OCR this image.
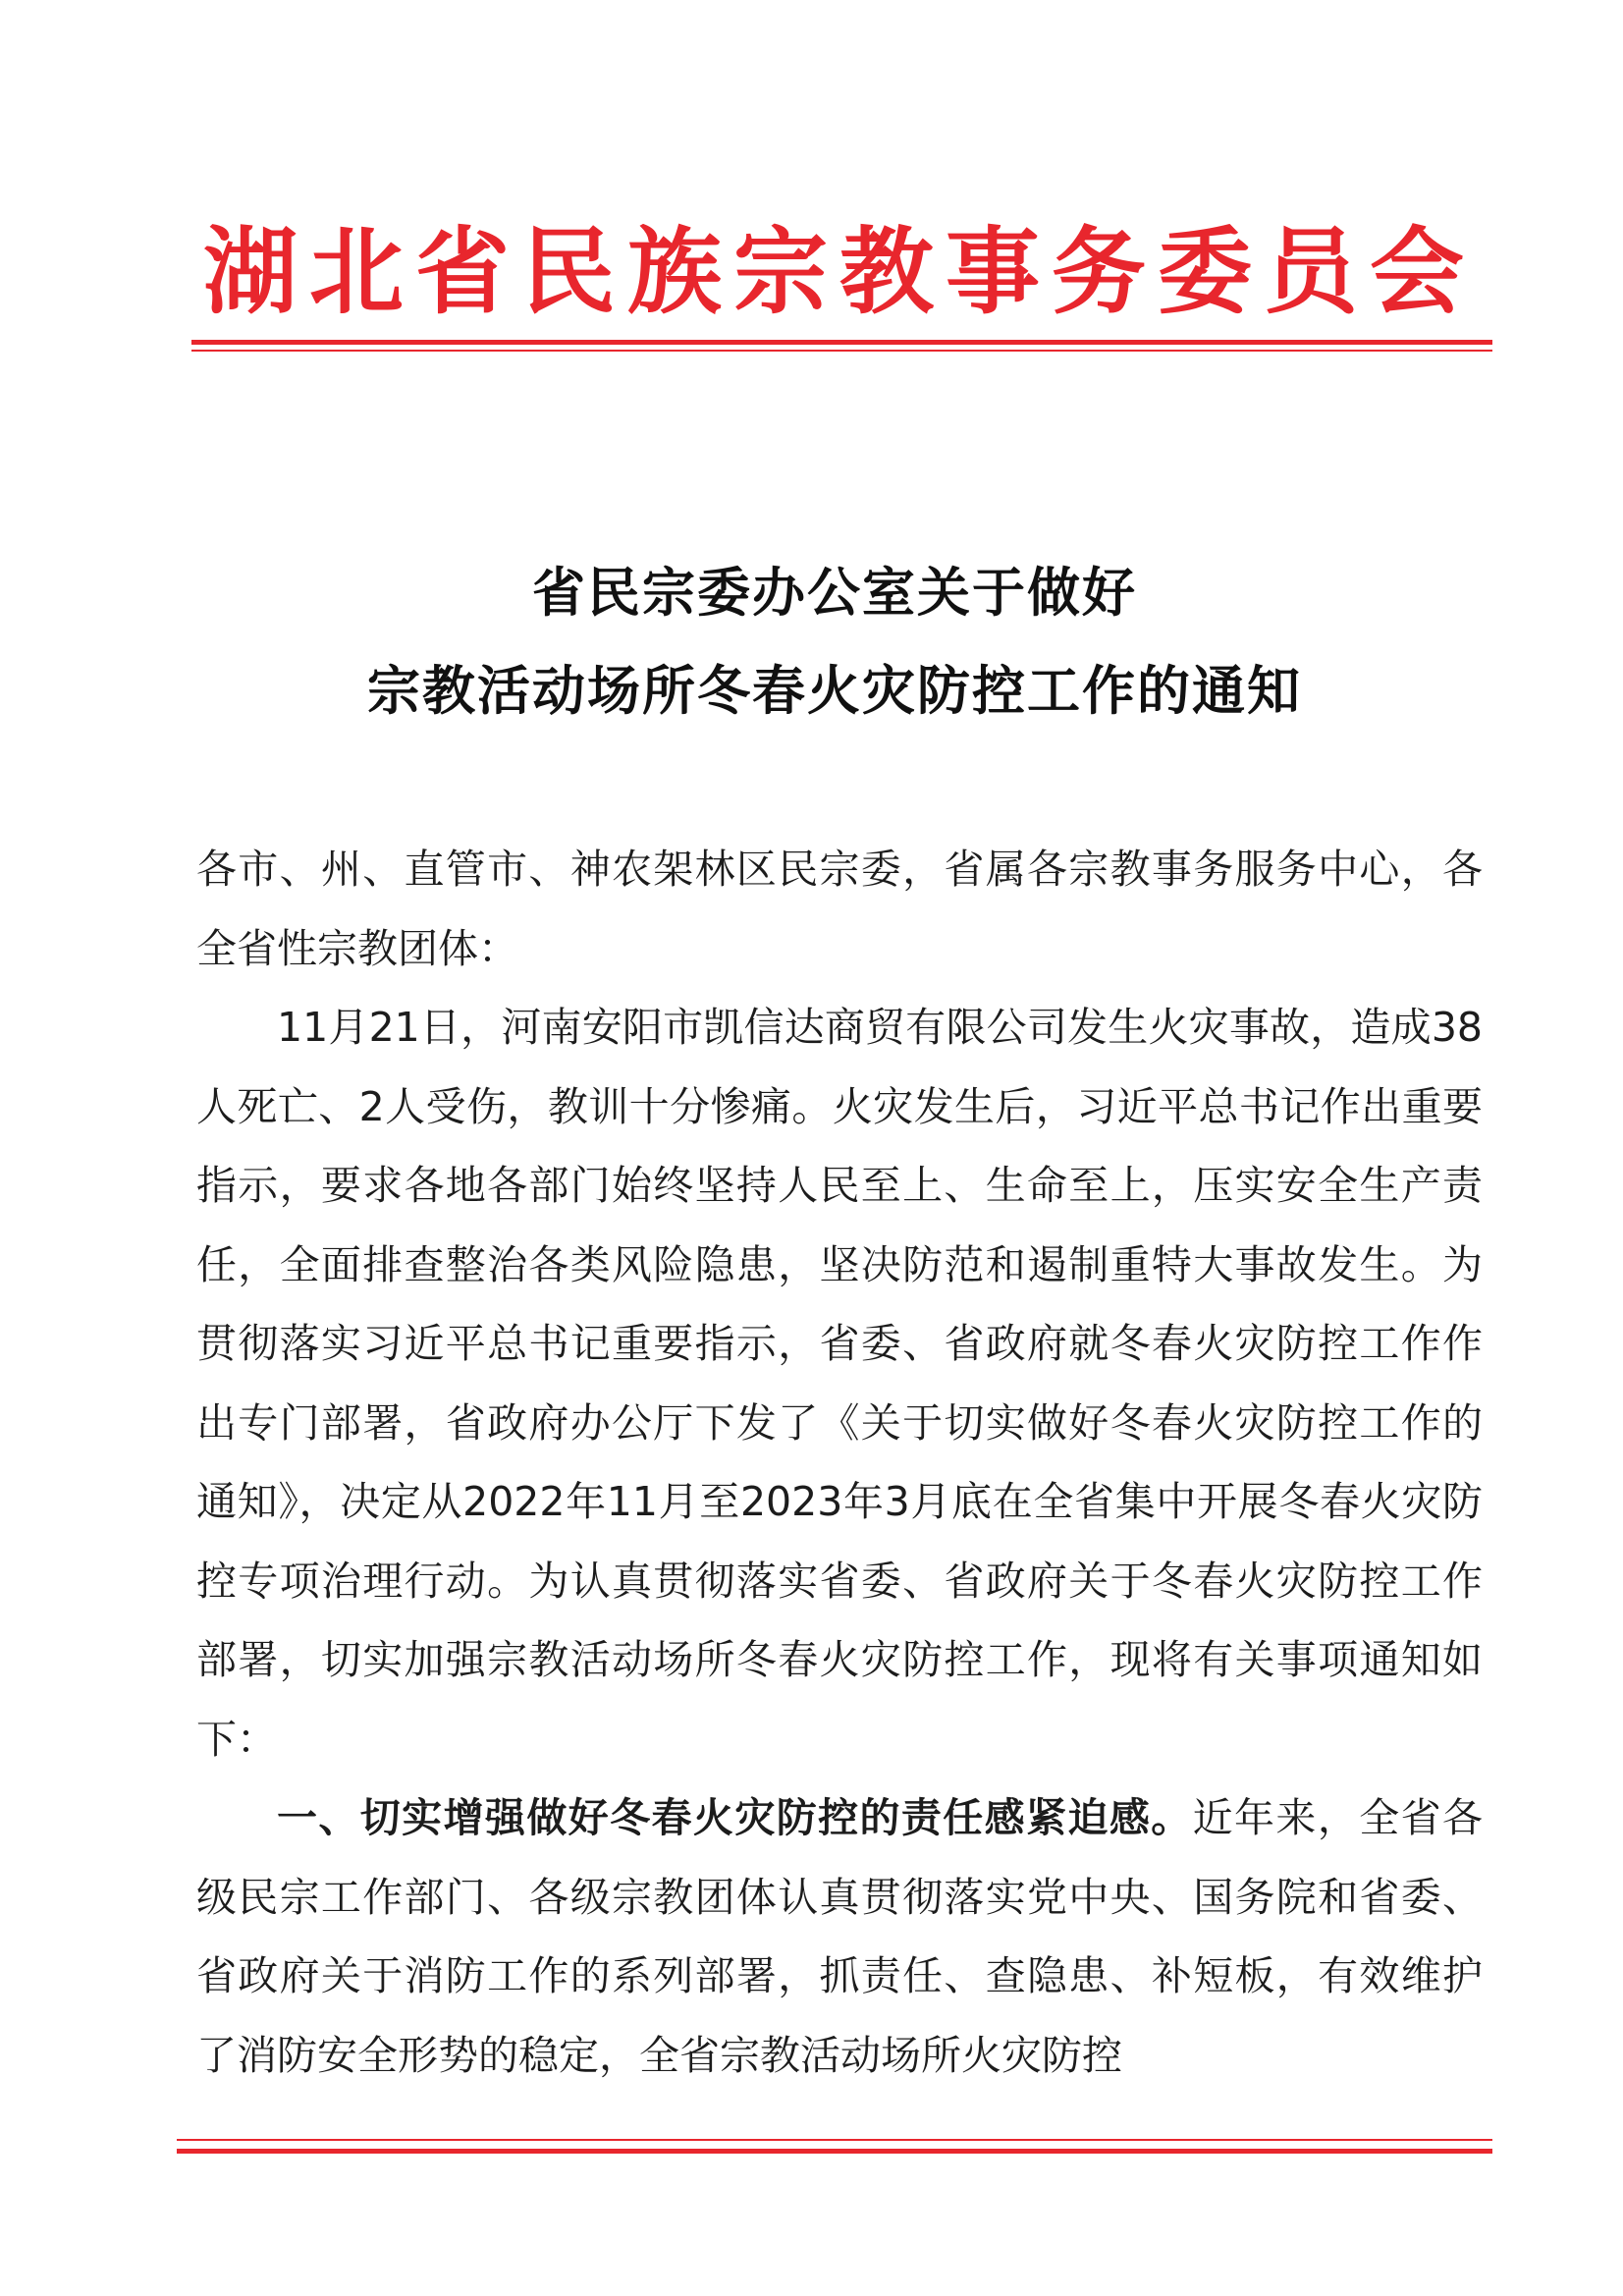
湖北省民族宗教事务委员会
省民宗委办公室关于做好
宗教活动场所冬春火灾防控工作的通知

各市、州、直管市、神农架林区民宗委，省属各宗教事务服务中心，各全省性宗教团体：

11月21日，河南安阳市凯信达商贸有限公司发生火灾事故，造成38人死亡、2人受伤，教训十分惨痛。火灾发生后，习近平总书记作出重要指示，要求各地各部门始终坚持人民至上、生命至上，压实安全生产责任，全面排查整治各类风险隐患，坚决防范和遏制重特大事故发生。为贯彻落实习近平总书记重要指示，省委、省政府就冬春火灾防控工作作出专门部署，省政府办公厅下发了《关于切实做好冬春火灾防控工作的通知》，决定从2022年11月至2023年3月底在全省集中开展冬春火灾防控专项治理行动。为认真贯彻落实省委、省政府关于冬春火灾防控工作部署，切实加强宗教活动场所冬春火灾防控工作，现将有关事项通知如下：

一、切实增强做好冬春火灾防控的责任感紧迫感。近年来，全省各级民宗工作部门、各级宗教团体认真贯彻落实党中央、国务院和省委、省政府关于消防工作的系列部署，抓责任、查隐患、补短板，有效维护了消防安全形势的稳定，全省宗教活动场所火灾防控
